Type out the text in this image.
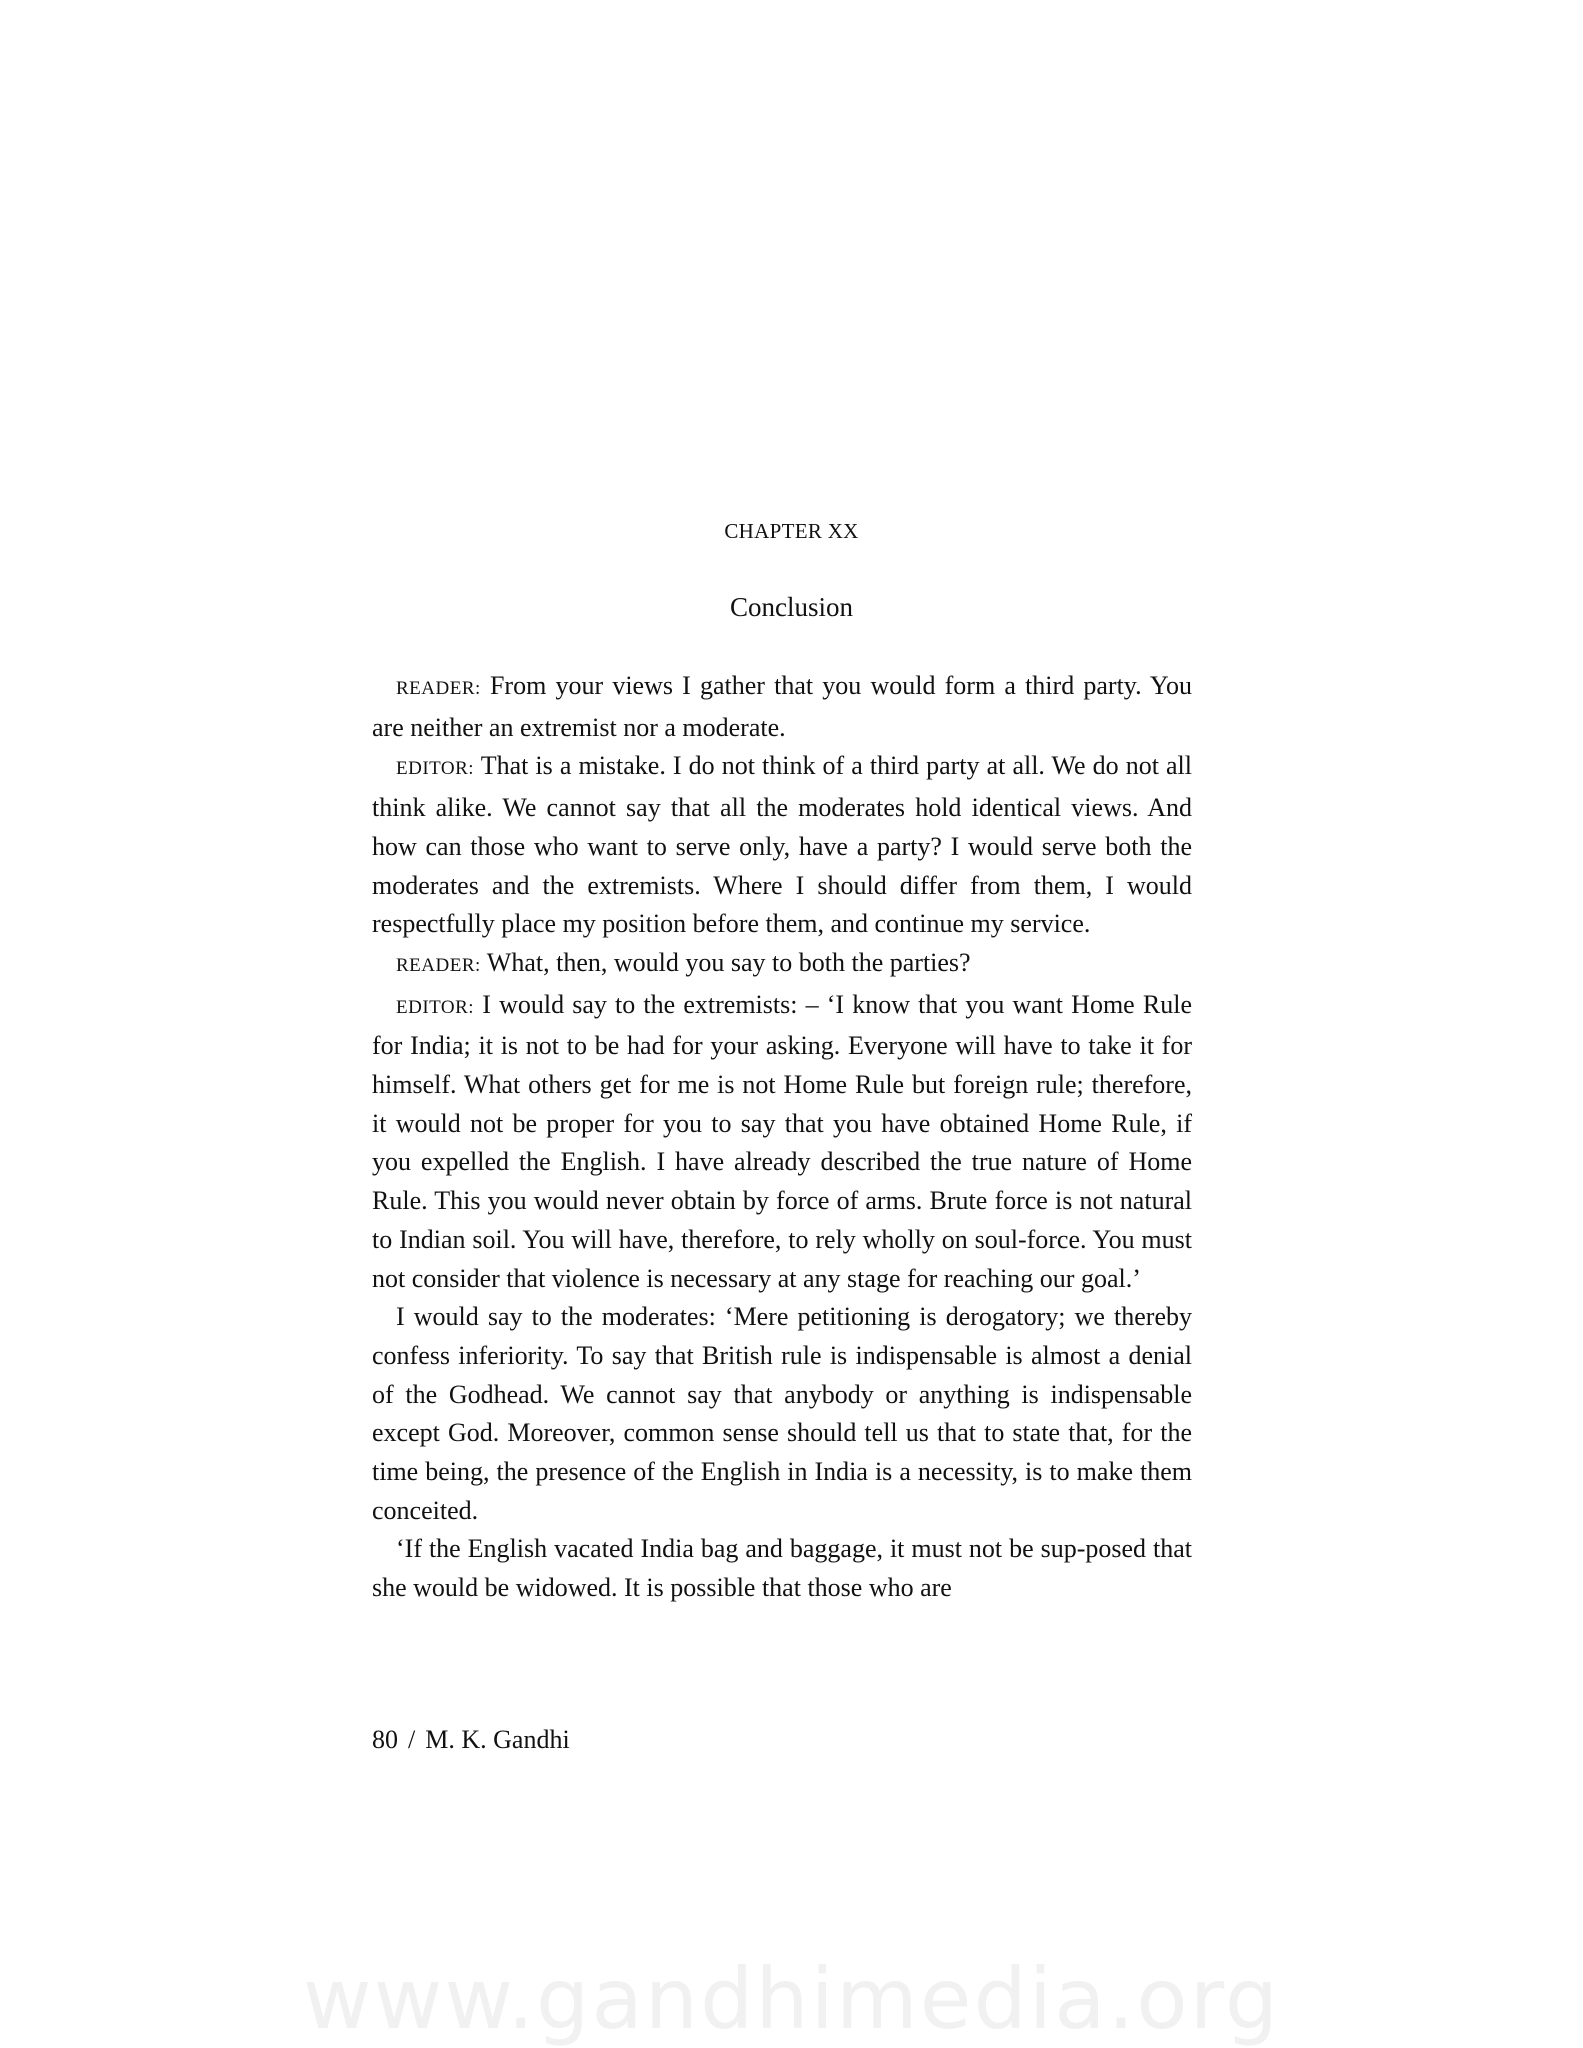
CHAPTER XX
Conclusion

READER: From your views I gather that you would form a third party. You are neither an extremist nor a moderate.

EDITOR: That is a mistake. I do not think of a third party at all. We do not all think alike. We cannot say that all the moderates hold identical views. And how can those who want to serve only, have a party? I would serve both the moderates and the extremists. Where I should differ from them, I would respectfully place my position before them, and continue my service.

READER: What, then, would you say to both the parties?

EDITOR: I would say to the extremists: – ‘I know that you want Home Rule for India; it is not to be had for your asking. Everyone will have to take it for himself. What others get for me is not Home Rule but foreign rule; therefore, it would not be proper for you to say that you have obtained Home Rule, if you expelled the English. I have already described the true nature of Home Rule. This you would never obtain by force of arms. Brute force is not natural to Indian soil. You will have, therefore, to rely wholly on soul-force. You must not consider that violence is necessary at any stage for reaching our goal.’

I would say to the moderates: ‘Mere petitioning is derogatory; we thereby confess inferiority. To say that British rule is indispensable is almost a denial of the Godhead. We cannot say that anybody or anything is indispensable except God. Moreover, common sense should tell us that to state that, for the time being, the presence of the English in India is a necessity, is to make them conceited.

‘If the English vacated India bag and baggage, it must not be sup-posed that she would be widowed. It is possible that those who are

80 / M. K. Gandhi
www.gandhimedia.org
